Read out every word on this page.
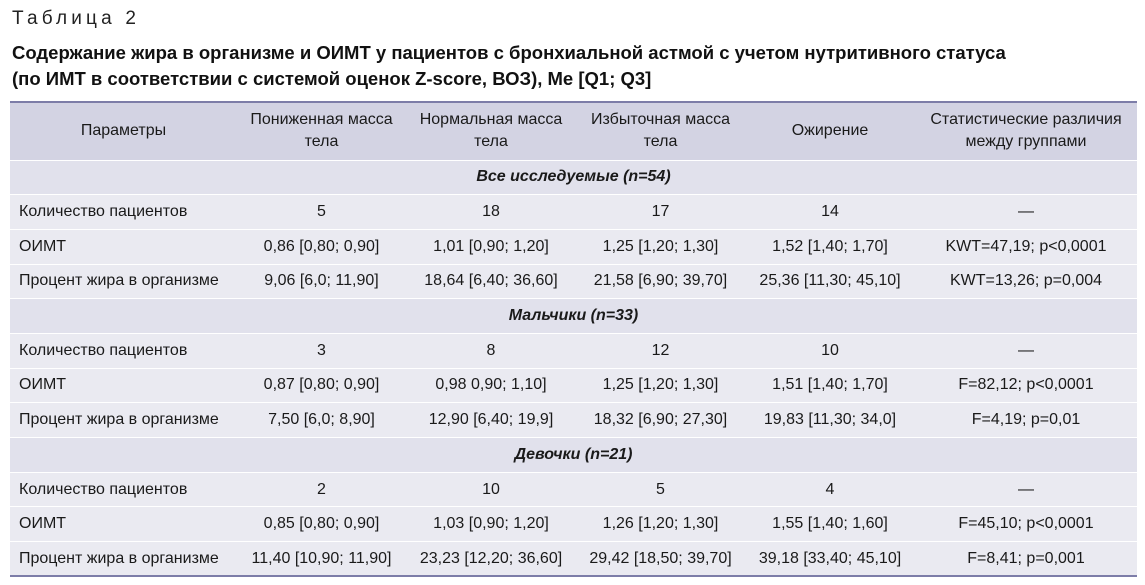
Таблица 2
Содержание жира в организме и ОИМТ у пациентов с бронхиальной астмой с учетом нутритивного статуса
(по ИМТ в соответствии с системой оценок Z-score, ВОЗ), Me [Q1; Q3]
Параметры	Пониженная масса тела	Нормальная масса тела	Избыточная масса тела	Ожирение	Статистические различия между группами
Все исследуемые (n=54)					
Количество пациентов	5	18	17	14	—
ОИМТ	0,86 [0,80; 0,90]	1,01 [0,90; 1,20]	1,25 [1,20; 1,30]	1,52 [1,40; 1,70]	KWT=47,19; p<0,0001
Процент жира в организме	9,06 [6,0; 11,90]	18,64 [6,40; 36,60]	21,58 [6,90; 39,70]	25,36 [11,30; 45,10]	KWT=13,26; p=0,004
Мальчики (n=33)					
Количество пациентов	3	8	12	10	—
ОИМТ	0,87 [0,80; 0,90]	0,98 0,90; 1,10]	1,25 [1,20; 1,30]	1,51 [1,40; 1,70]	F=82,12; p<0,0001
Процент жира в организме	7,50 [6,0; 8,90]	12,90 [6,40; 19,9]	18,32 [6,90; 27,30]	19,83 [11,30; 34,0]	F=4,19; p=0,01
Девочки (n=21)					
Количество пациентов	2	10	5	4	—
ОИМТ	0,85 [0,80; 0,90]	1,03 [0,90; 1,20]	1,26 [1,20; 1,30]	1,55 [1,40; 1,60]	F=45,10; p<0,0001
Процент жира в организме	11,40 [10,90; 11,90]	23,23 [12,20; 36,60]	29,42 [18,50; 39,70]	39,18 [33,40; 45,10]	F=8,41; p=0,001
